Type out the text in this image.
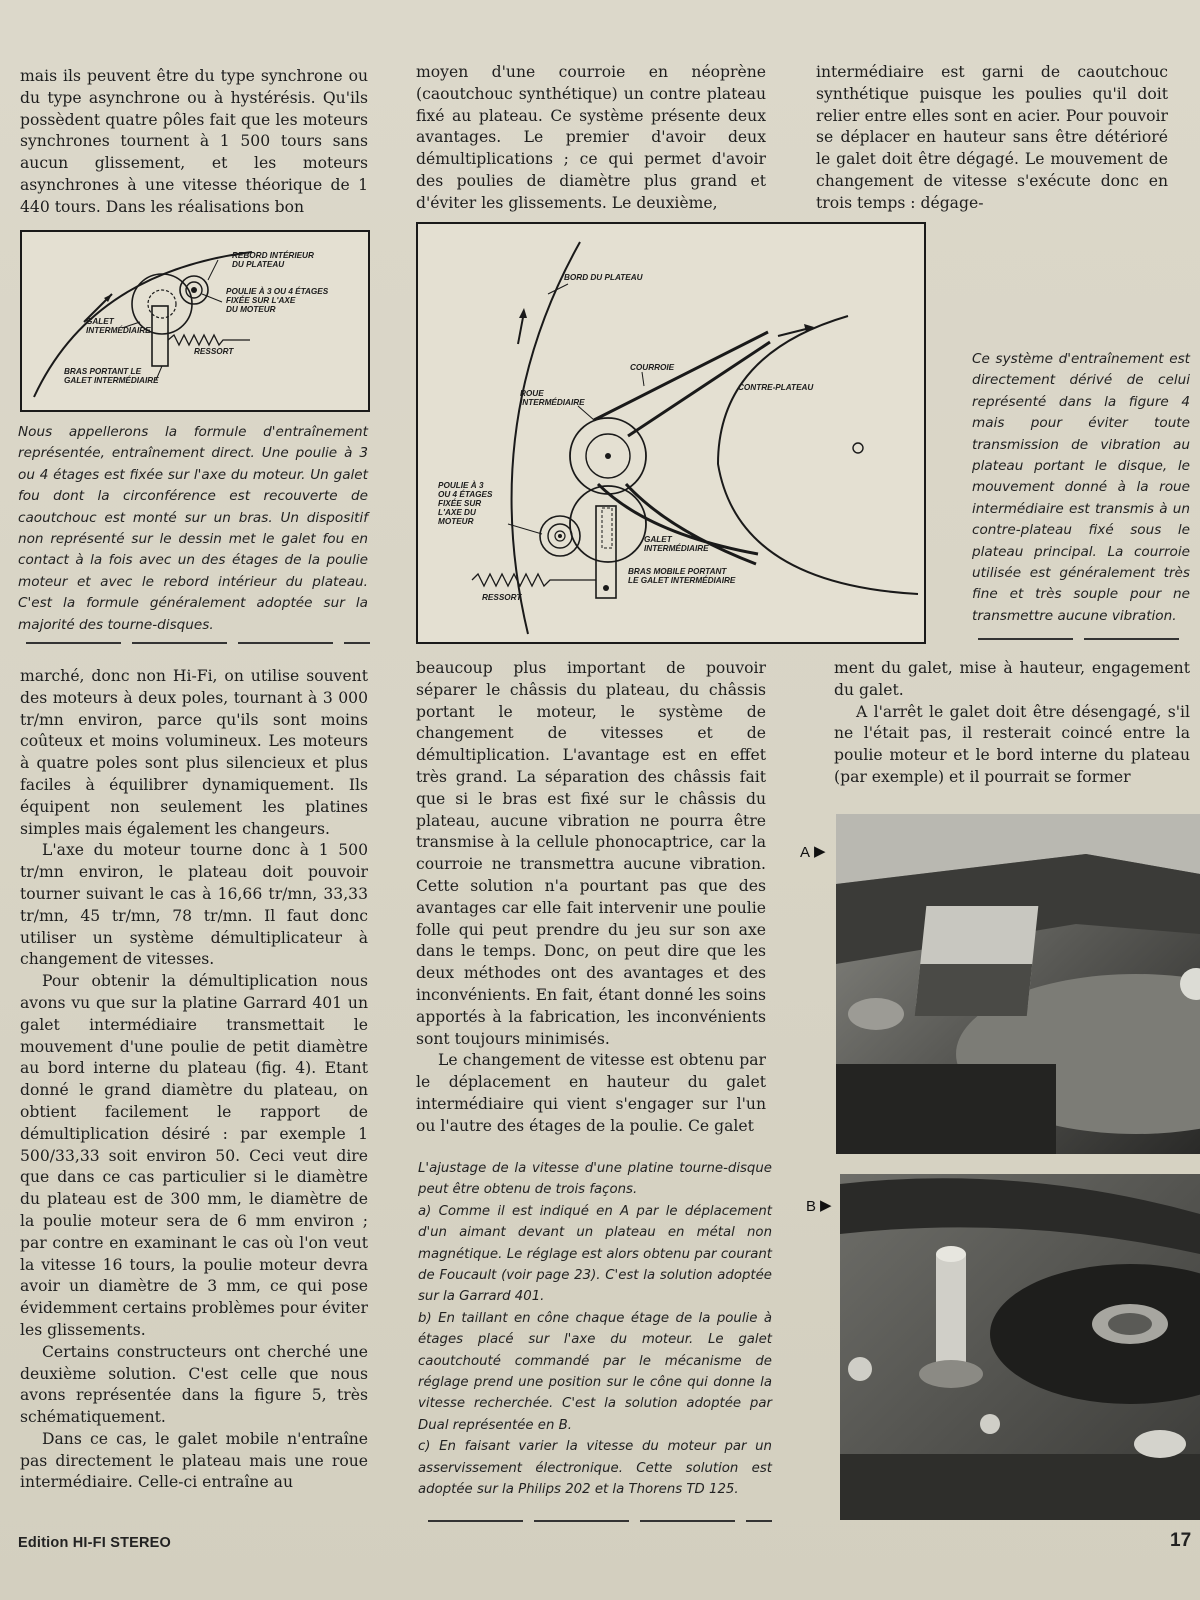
mais ils peuvent être du type synchrone ou du type asynchrone ou à hystérésis. Qu'ils possèdent quatre pôles fait que les moteurs synchrones tournent à 1 500 tours sans aucun glissement, et les moteurs asynchrones à une vitesse théorique de 1 440 tours. Dans les réalisations bon

moyen d'une courroie en néoprène (caoutchouc synthétique) un contre plateau fixé au plateau. Ce système présente deux avantages. Le premier d'avoir deux démultiplications ; ce qui permet d'avoir des poulies de diamètre plus grand et d'éviter les glissements. Le deuxième,

intermédiaire est garni de caoutchouc synthétique puisque les poulies qu'il doit relier entre elles sont en acier. Pour pouvoir se déplacer en hauteur sans être détérioré le galet doit être dégagé. Le mouvement de changement de vitesse s'exécute donc en trois temps : dégage-

REBORD INTÉRIEUR DU PLATEAU
POULIE À 3 OU 4 ÉTAGES FIXÉE SUR L'AXE DU MOTEUR
GALET INTERMÉDIAIRE
RESSORT
BRAS PORTANT LE GALET INTERMÉDIAIRE

Nous appellerons la formule d'entraînement représentée, entraînement direct. Une poulie à 3 ou 4 étages est fixée sur l'axe du moteur. Un galet fou dont la circonférence est recouverte de caoutchouc est monté sur un bras. Un dispositif non représenté sur le dessin met le galet fou en contact à la fois avec un des étages de la poulie moteur et avec le rebord intérieur du plateau. C'est la formule généralement adoptée sur la majorité des tourne-disques.

BORD DU PLATEAU
COURROIE
CONTRE-PLATEAU
ROUE INTERMÉDIAIRE
POULIE À 3 OU 4 ÉTAGES FIXÉE SUR L'AXE DU MOTEUR
GALET INTERMÉDIAIRE
BRAS MOBILE PORTANT LE GALET INTERMÉDIAIRE
RESSORT

Ce système d'entraînement est directement dérivé de celui représenté dans la figure 4 mais pour éviter toute transmission de vibration au plateau portant le disque, le mouvement donné à la roue intermédiaire est transmis à un contre-plateau fixé sous le plateau principal. La courroie utilisée est généralement très fine et très souple pour ne transmettre aucune vibration.

marché, donc non Hi-Fi, on utilise souvent des moteurs à deux poles, tournant à 3 000 tr/mn environ, parce qu'ils sont moins coûteux et moins volumineux. Les moteurs à quatre poles sont plus silencieux et plus faciles à équilibrer dynamiquement. Ils équipent non seulement les platines simples mais également les changeurs.

L'axe du moteur tourne donc à 1 500 tr/mn environ, le plateau doit pouvoir tourner suivant le cas à 16,66 tr/mn, 33,33 tr/mn, 45 tr/mn, 78 tr/mn. Il faut donc utiliser un système démultiplicateur à changement de vitesses.

Pour obtenir la démultiplication nous avons vu que sur la platine Garrard 401 un galet intermédiaire transmettait le mouvement d'une poulie de petit diamètre au bord interne du plateau (fig. 4). Etant donné le grand diamètre du plateau, on obtient facilement le rapport de démultiplication désiré : par exemple 1 500/33,33 soit environ 50. Ceci veut dire que dans ce cas particulier si le diamètre du plateau est de 300 mm, le diamètre de la poulie moteur sera de 6 mm environ ; par contre en examinant le cas où l'on veut la vitesse 16 tours, la poulie moteur devra avoir un diamètre de 3 mm, ce qui pose évidemment certains problèmes pour éviter les glissements.

Certains constructeurs ont cherché une deuxième solution. C'est celle que nous avons représentée dans la figure 5, très schématiquement.

Dans ce cas, le galet mobile n'entraîne pas directement le plateau mais une roue intermédiaire. Celle-ci entraîne au

beaucoup plus important de pouvoir séparer le châssis du plateau, du châssis portant le moteur, le système de changement de vitesses et de démultiplication. L'avantage est en effet très grand. La séparation des châssis fait que si le bras est fixé sur le châssis du plateau, aucune vibration ne pourra être transmise à la cellule phonocaptrice, car la courroie ne transmettra aucune vibration. Cette solution n'a pourtant pas que des avantages car elle fait intervenir une poulie folle qui peut prendre du jeu sur son axe dans le temps. Donc, on peut dire que les deux méthodes ont des avantages et des inconvénients. En fait, étant donné les soins apportés à la fabrication, les inconvénients sont toujours minimisés.

Le changement de vitesse est obtenu par le déplacement en hauteur du galet intermédiaire qui vient s'engager sur l'un ou l'autre des étages de la poulie. Ce galet

L'ajustage de la vitesse d'une platine tourne-disque peut être obtenu de trois façons.

a) Comme il est indiqué en A par le déplacement d'un aimant devant un plateau en métal non magnétique. Le réglage est alors obtenu par courant de Foucault (voir page 23). C'est la solution adoptée sur la Garrard 401.

b) En taillant en cône chaque étage de la poulie à étages placé sur l'axe du moteur. Le galet caoutchouté commandé par le mécanisme de réglage prend une position sur le cône qui donne la vitesse recherchée. C'est la solution adoptée par Dual représentée en B.

c) En faisant varier la vitesse du moteur par un asservissement électronique. Cette solution est adoptée sur la Philips 202 et la Thorens TD 125.

ment du galet, mise à hauteur, engagement du galet.

A l'arrêt le galet doit être désengagé, s'il ne l'était pas, il resterait coincé entre la poulie moteur et le bord interne du plateau (par exemple) et il pourrait se former

A ▶
B ▶
Edition HI-FI STEREO	17
